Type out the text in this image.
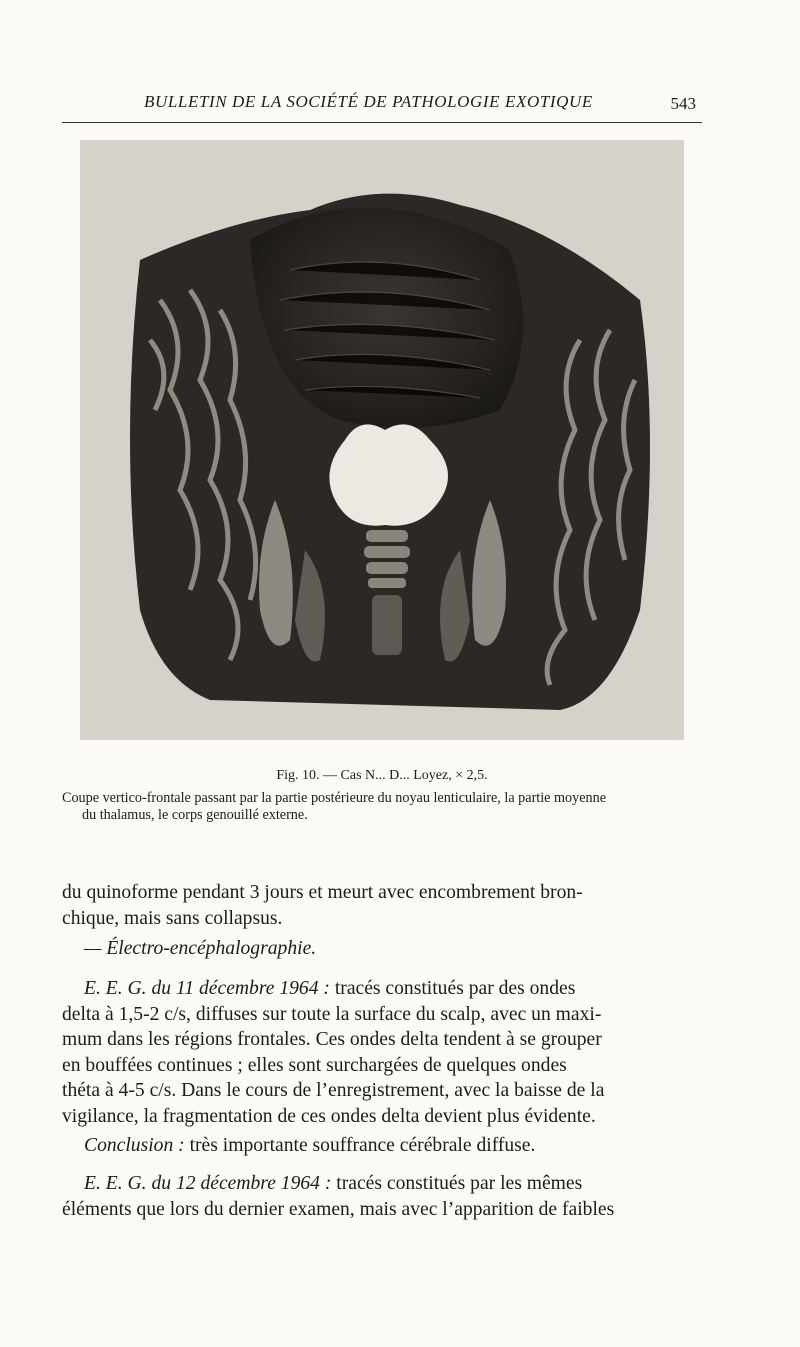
BULLETIN DE LA SOCIÉTÉ DE PATHOLOGIE EXOTIQUE	543
Fig. 10. — Cas N... D... Loyez, × 2,5.
Coupe vertico-frontale passant par la partie postérieure du noyau lenticulaire, la partie moyenne
du thalamus, le corps genouillé externe.
du quinoforme pendant 3 jours et meurt avec encombrement bron-
chique, mais sans collapsus.
— Électro-encéphalographie.
E. E. G. du 11 décembre 1964 : tracés constitués par des ondes
delta à 1,5-2 c/s, diffuses sur toute la surface du scalp, avec un maxi-
mum dans les régions frontales. Ces ondes delta tendent à se grouper
en bouffées continues ; elles sont surchargées de quelques ondes
théta à 4-5 c/s. Dans le cours de l’enregistrement, avec la baisse de la
vigilance, la fragmentation de ces ondes delta devient plus évidente.
Conclusion : très importante souffrance cérébrale diffuse.
E. E. G. du 12 décembre 1964 : tracés constitués par les mêmes
éléments que lors du dernier examen, mais avec l’apparition de faibles
